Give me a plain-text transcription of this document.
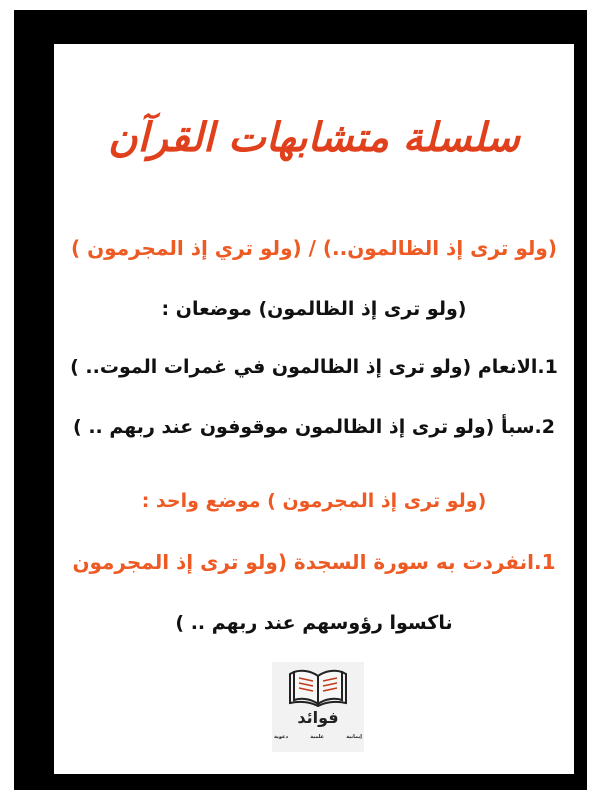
سلسلة متشابهات القرآن
(ولو ترى إذ الظالمون..) / (ولو تري إذ المجرمون )
(ولو ترى إذ الظالمون) موضعان :
1.الانعام (ولو ترى إذ الظالمون في غمرات الموت.. )
2.سبأ (ولو ترى إذ الظالمون موقوفون عند ربهم .. )
(ولو ترى إذ المجرمون ) موضع واحد :
1.انفردت به سورة السجدة (ولو ترى إذ المجرمون
ناكسوا رؤوسهم عند ربهم .. )
فوائد
إيمانية
علمية
دعوية
